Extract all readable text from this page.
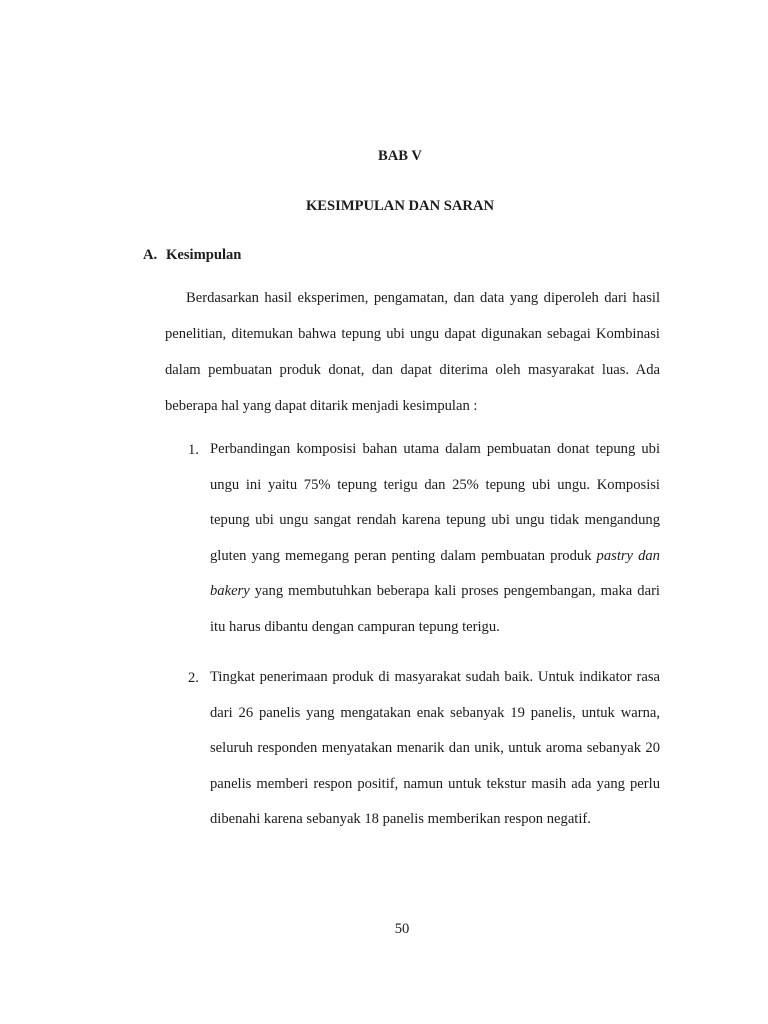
BAB V
KESIMPULAN DAN SARAN
A. Kesimpulan

Berdasarkan hasil eksperimen, pengamatan, dan data yang diperoleh dari hasil penelitian, ditemukan bahwa tepung ubi ungu dapat digunakan sebagai Kombinasi dalam pembuatan produk donat, dan dapat diterima oleh masyarakat luas. Ada beberapa hal yang dapat ditarik menjadi kesimpulan :

1. Perbandingan komposisi bahan utama dalam pembuatan donat tepung ubi ungu ini yaitu 75% tepung terigu dan 25% tepung ubi ungu. Komposisi tepung ubi ungu sangat rendah karena tepung ubi ungu tidak mengandung gluten yang memegang peran penting dalam pembuatan produk pastry dan bakery yang membutuhkan beberapa kali proses pengembangan, maka dari itu harus dibantu dengan campuran tepung terigu.
2. Tingkat penerimaan produk di masyarakat sudah baik. Untuk indikator rasa dari 26 panelis yang mengatakan enak sebanyak 19 panelis, untuk warna, seluruh responden menyatakan menarik dan unik, untuk aroma sebanyak 20 panelis memberi respon positif, namun untuk tekstur masih ada yang perlu dibenahi karena sebanyak 18 panelis memberikan respon negatif.
50
